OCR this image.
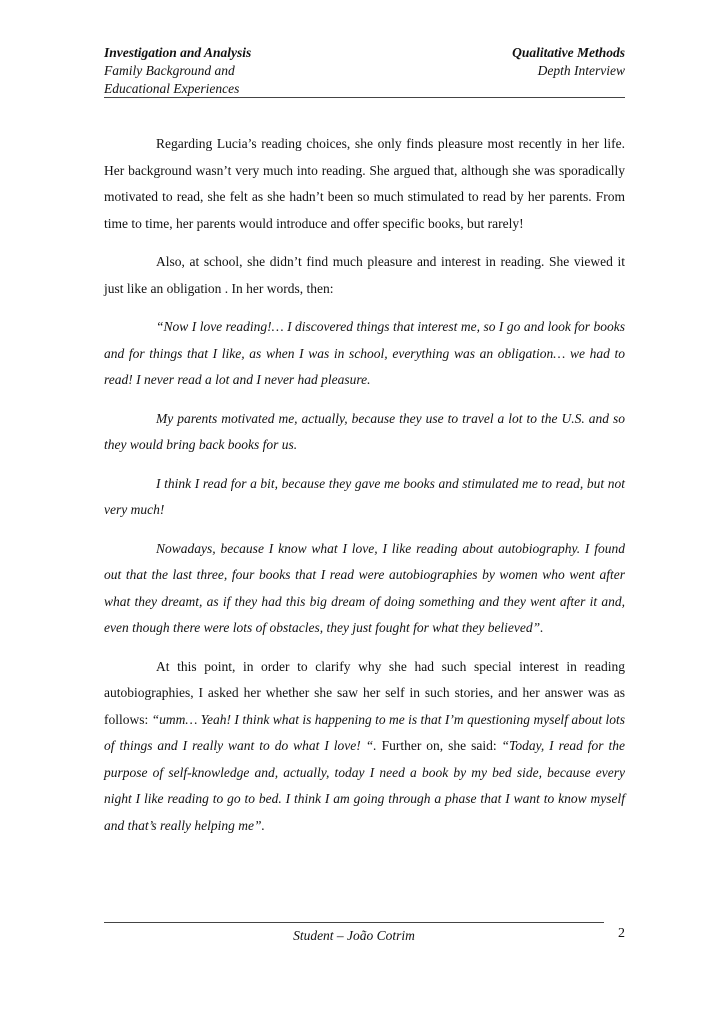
Investigation and Analysis
Family Background and
Educational Experiences
Qualitative Methods
Depth Interview

Regarding Lucia’s reading choices, she only finds pleasure most recently in her life. Her background wasn’t very much into reading. She argued that, although she was sporadically motivated to read, she felt as she hadn’t been so much stimulated to read by her parents. From time to time, her parents would introduce and offer specific books, but rarely!

Also, at school, she didn’t find much pleasure and interest in reading. She viewed it just like an obligation . In her words, then:

“Now I love reading!… I discovered things that interest me, so I go and look for books and for things that I like, as when I was in school, everything was an obligation… we had to read! I never read a lot and I never had pleasure.

My parents motivated me, actually, because they use to travel a lot to the U.S. and so they would bring back books for us.

I think I read for a bit, because they gave me books and stimulated me to read, but not very much!

Nowadays, because I know what I love, I like reading about autobiography. I found out that the last three, four books that I read were autobiographies by women who went after what they dreamt, as if they had this big dream of doing something and they went after it and, even though there were lots of obstacles, they just fought for what they believed”.

At this point, in order to clarify why she had such special interest in reading autobiographies, I asked her whether she saw her self in such stories, and her answer was as follows: “umm… Yeah! I think what is happening to me is that I’m questioning myself about lots of things and I really want to do what I love! “. Further on, she said: “Today, I read for the purpose of self-knowledge and, actually, today I need a book by my bed side, because every night I like reading to go to bed. I think I am going through a phase that I want to know myself and that’s really helping me”.

Student – João Cotrim	2
